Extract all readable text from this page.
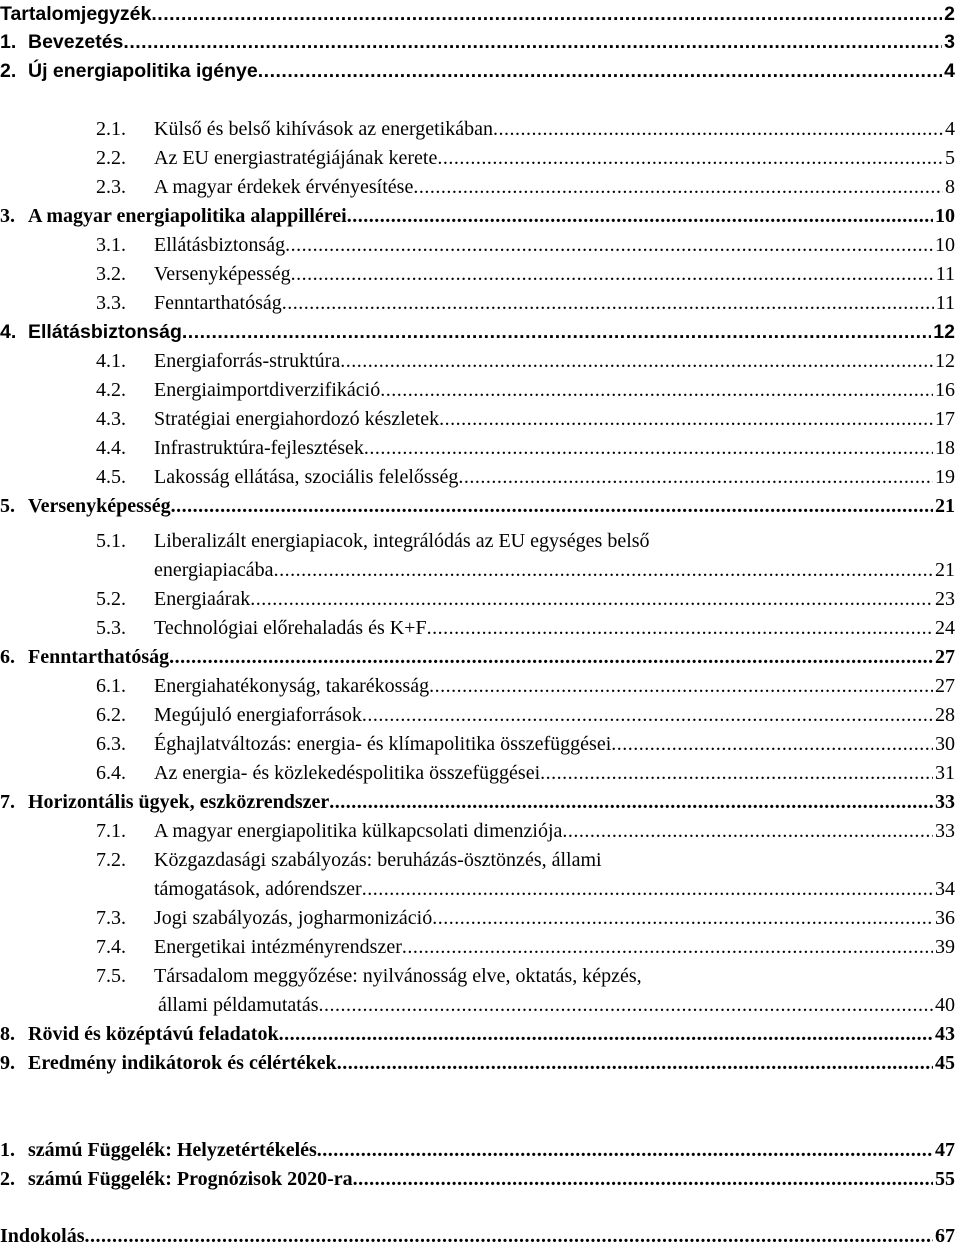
Tartalomjegyzék .....	2
1. Bevezetés .....	3
2. Új energiapolitika igénye .....	4
2.1. Külső és belső kihívások az energetikában .....	4
2.2. Az EU energiastratégiájának kerete .....	5
2.3. A magyar érdekek érvényesítése .....	8
3. A magyar energiapolitika alappillérei .....	10
3.1. Ellátásbiztonság .....	10
3.2. Versenyképesség .....	11
3.3. Fenntarthatóság .....	11
4. Ellátásbiztonság .....	12
4.1. Energiaforrás-struktúra .....	12
4.2. Energiaimportdiverzifikáció .....	16
4.3. Stratégiai energiahordozó készletek .....	17
4.4. Infrastruktúra-fejlesztések .....	18
4.5. Lakosság ellátása, szociális felelősség .....	19
5. Versenyképesség .....	21
5.1. Liberalizált energiapiacok, integrálódás az EU egységes belső
energiapiacába .....	21
5.2. Energiaárak .....	23
5.3. Technológiai előrehaladás és K+F .....	24
6. Fenntarthatóság .....	27
6.1. Energiahatékonyság, takarékosság .....	27
6.2. Megújuló energiaforrások .....	28
6.3. Éghajlatváltozás: energia- és klímapolitika összefüggései .....	30
6.4. Az energia- és közlekedéspolitika összefüggései .....	31
7. Horizontális ügyek, eszközrendszer .....	33
7.1. A magyar energiapolitika külkapcsolati dimenziója .....	33
7.2. Közgazdasági szabályozás: beruházás-ösztönzés, állami
támogatások, adórendszer .....	34
7.3. Jogi szabályozás, jogharmonizáció .....	36
7.4. Energetikai intézményrendszer .....	39
7.5. Társadalom meggyőzése: nyilvánosság elve, oktatás, képzés,
állami példamutatás .....	40
8. Rövid és középtávú feladatok .....	43
9. Eredmény indikátorok és célértékek .....	45
1. számú Függelék: Helyzetértékelés .....	47
2. számú Függelék: Prognózisok 2020-ra .....	55
Indokolás .....	67
